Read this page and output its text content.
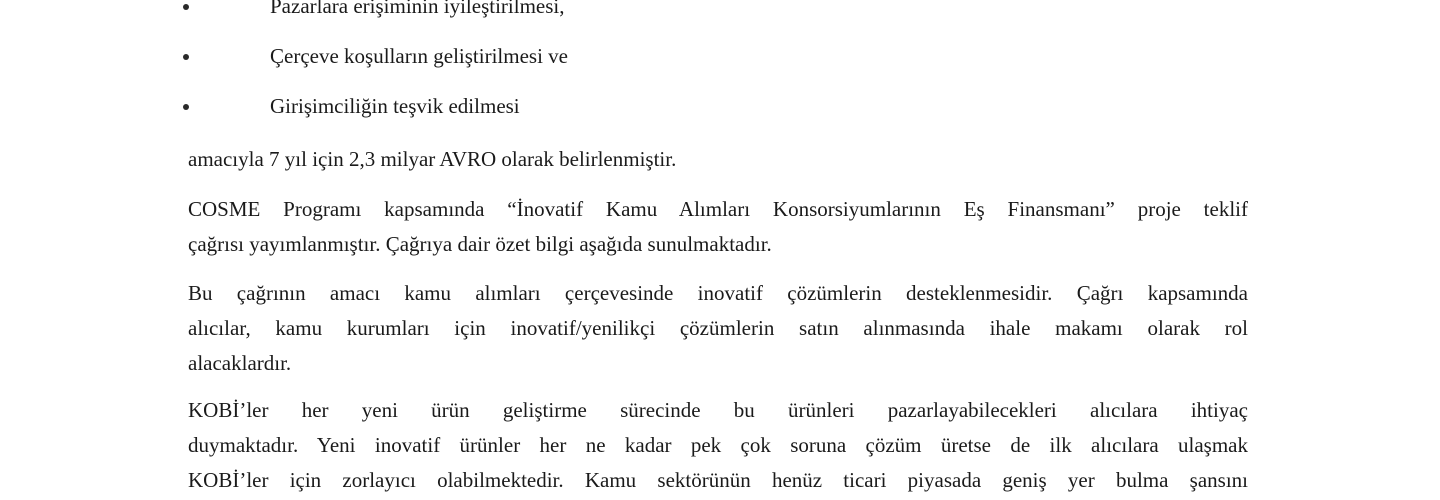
Pazarlara erişiminin iyileştirilmesi,
Çerçeve koşulların geliştirilmesi ve
Girişimciliğin teşvik edilmesi
amacıyla 7 yıl için 2,3 milyar AVRO olarak belirlenmiştir.
COSME Programı kapsamında “İnovatif Kamu Alımları Konsorsiyumlarının Eş Finansmanı” proje teklif
çağrısı yayımlanmıştır. Çağrıya dair özet bilgi aşağıda sunulmaktadır.
Bu çağrının amacı kamu alımları çerçevesinde inovatif çözümlerin desteklenmesidir. Çağrı kapsamında
alıcılar, kamu kurumları için inovatif/yenilikçi çözümlerin satın alınmasında ihale makamı olarak rol
alacaklardır.
KOBİ’ler her yeni ürün geliştirme sürecinde bu ürünleri pazarlayabilecekleri alıcılara ihtiyaç
duymaktadır. Yeni inovatif ürünler her ne kadar pek çok soruna çözüm üretse de ilk alıcılara ulaşmak
KOBİ’ler için zorlayıcı olabilmektedir. Kamu sektörünün henüz ticari piyasada geniş yer bulma şansını
